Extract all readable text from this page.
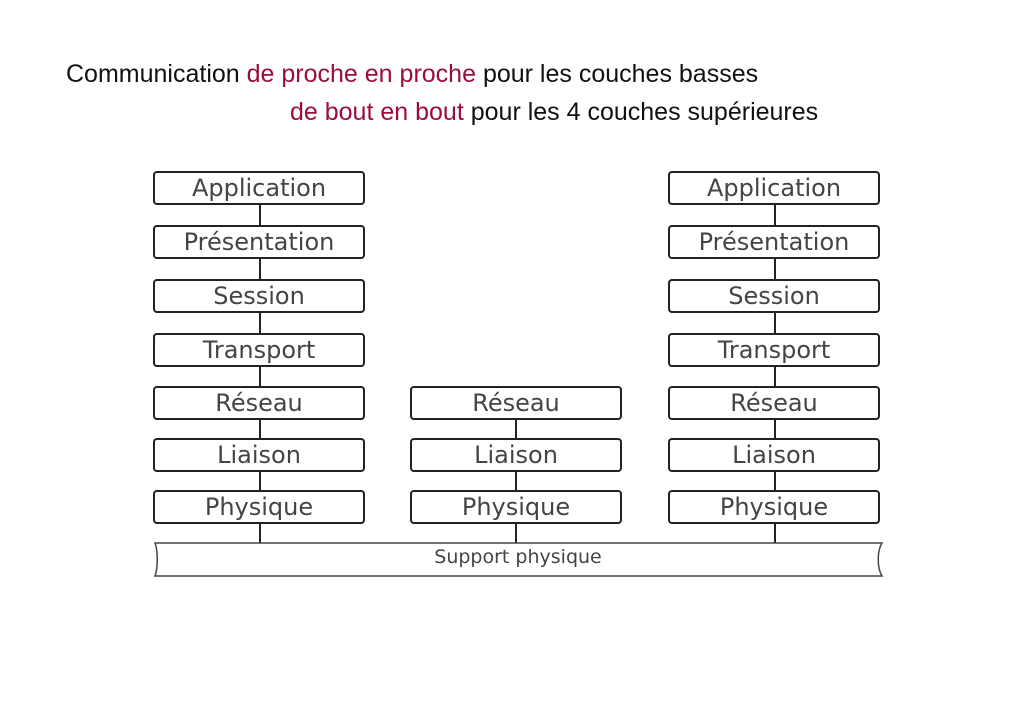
Communication de proche en proche pour les couches basses
de bout en bout pour les 4 couches supérieures
Application
Présentation
Session
Transport
Réseau
Liaison
Physique
Réseau
Liaison
Physique
Application
Présentation
Session
Transport
Réseau
Liaison
Physique
Support physique
